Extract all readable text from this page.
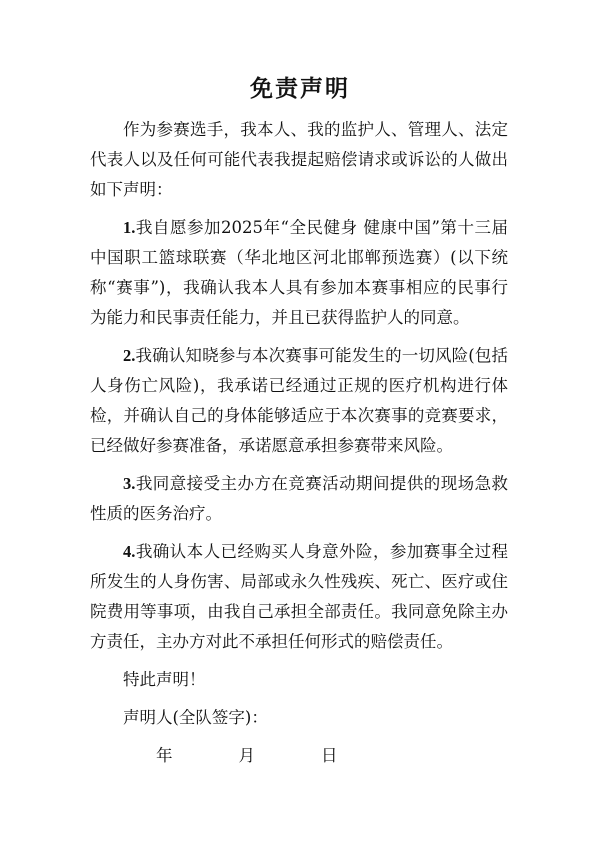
免责声明

作为参赛选手，我本人、我的监护人、管理人、法定代表人以及任何可能代表我提起赔偿请求或诉讼的人做出如下声明：

1.我自愿参加2025年“全民健身 健康中国”第十三届中国职工篮球联赛（华北地区河北邯郸预选赛）(以下统称“赛事”)，我确认我本人具有参加本赛事相应的民事行为能力和民事责任能力，并且已获得监护人的同意。

2.我确认知晓参与本次赛事可能发生的一切风险(包括人身伤亡风险)，我承诺已经通过正规的医疗机构进行体检，并确认自己的身体能够适应于本次赛事的竞赛要求，已经做好参赛准备，承诺愿意承担参赛带来风险。

3.我同意接受主办方在竞赛活动期间提供的现场急救性质的医务治疗。

4.我确认本人已经购买人身意外险，参加赛事全过程所发生的人身伤害、局部或永久性残疾、死亡、医疗或住院费用等事项，由我自己承担全部责任。我同意免除主办方责任，主办方对此不承担任何形式的赔偿责任。

特此声明！

声明人(全队签字)：

年　　	月　　	日
